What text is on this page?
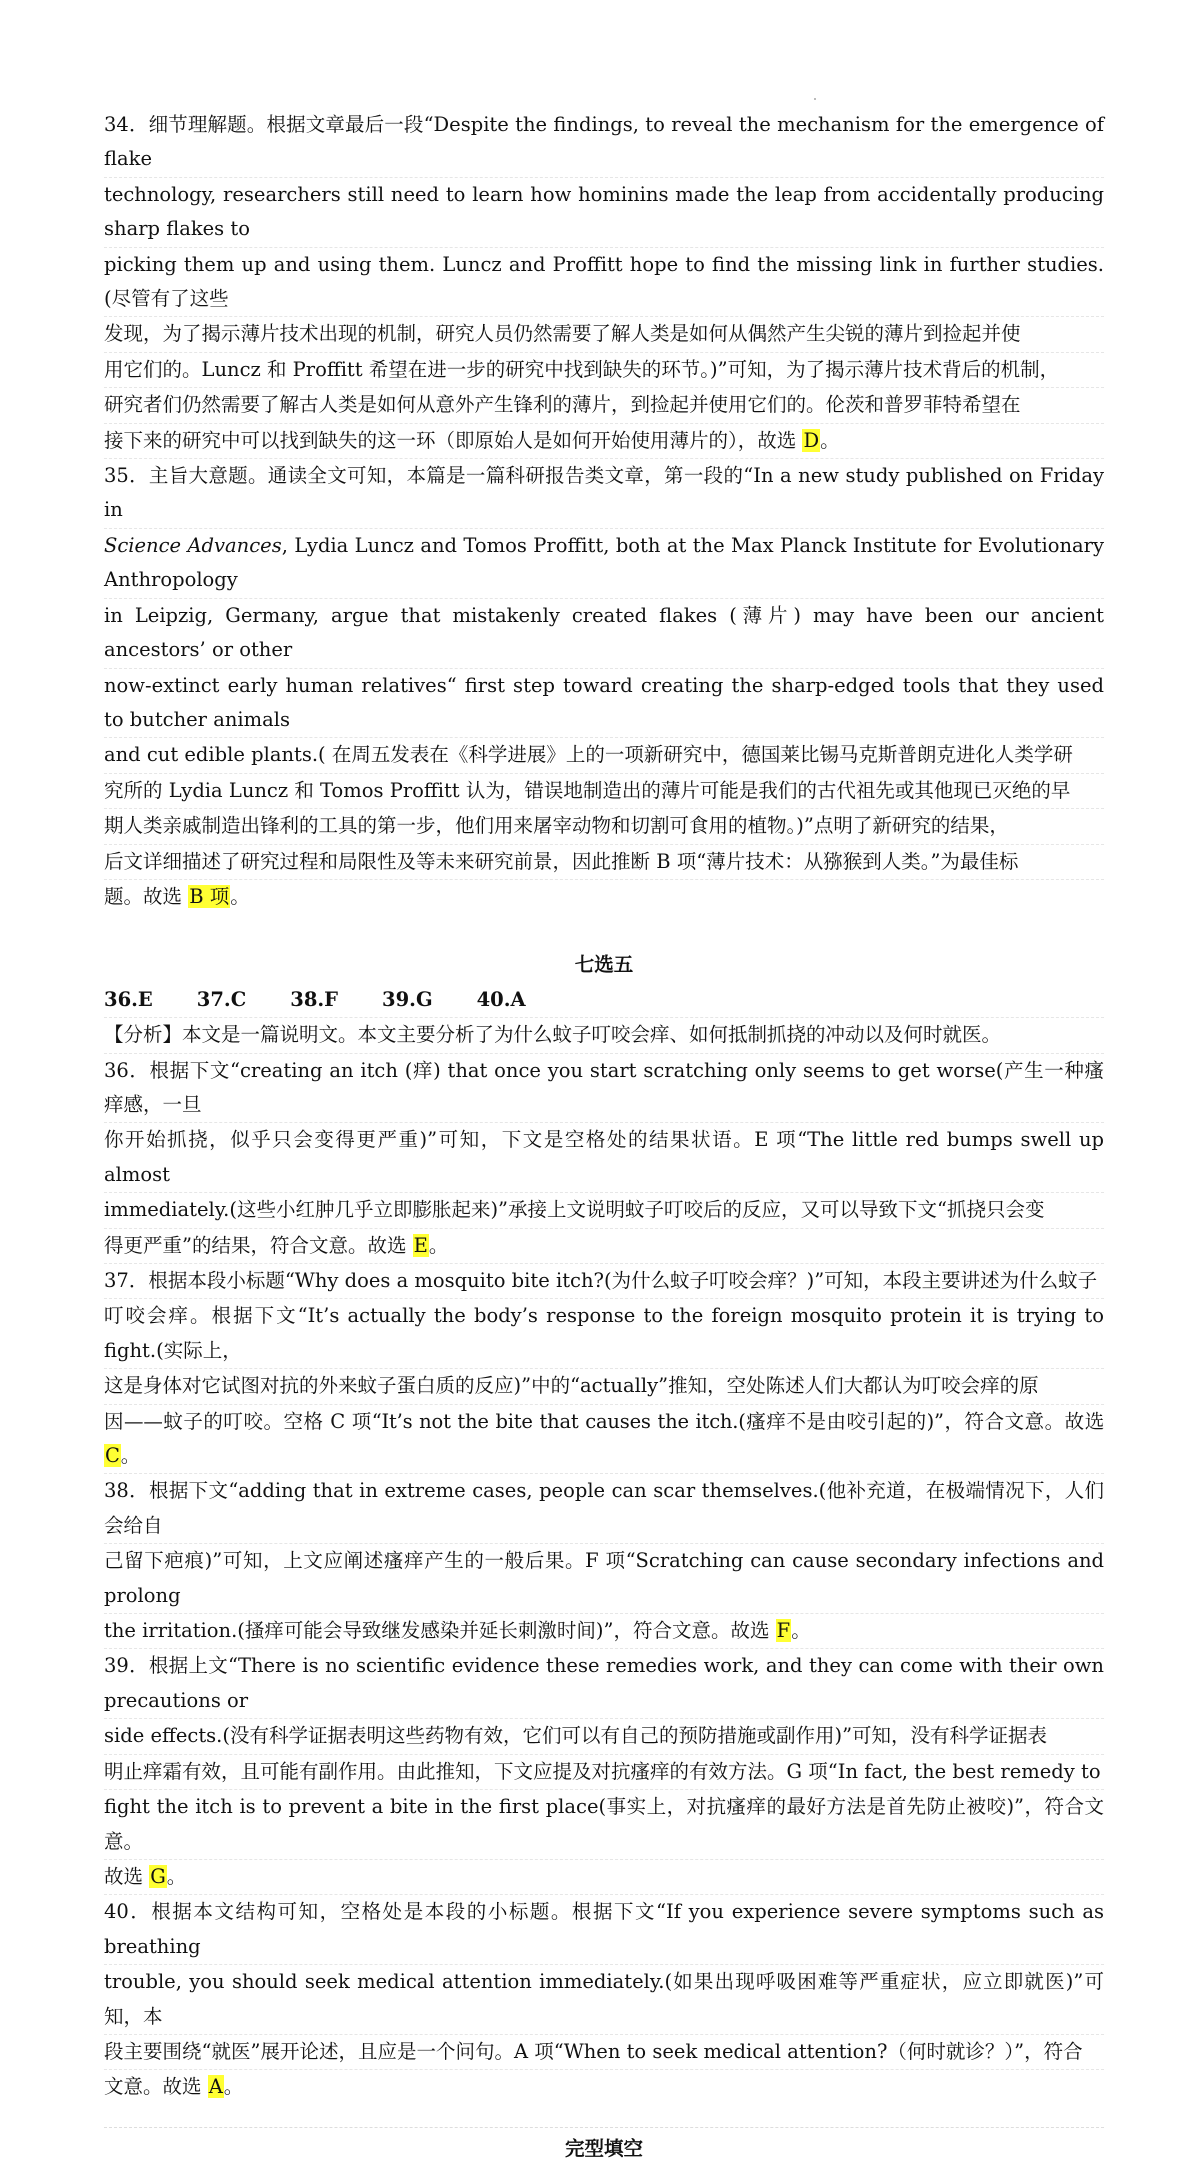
34．细节理解题。根据文章最后一段“Despite the findings, to reveal the mechanism for the emergence of flake
technology, researchers still need to learn how hominins made the leap from accidentally producing sharp flakes to
picking them up and using them. Luncz and Proffitt hope to find the missing link in further studies. (尽管有了这些
发现，为了揭示薄片技术出现的机制，研究人员仍然需要了解人类是如何从偶然产生尖锐的薄片到捡起并使
用它们的。Luncz 和 Proffitt 希望在进一步的研究中找到缺失的环节。)”可知，为了揭示薄片技术背后的机制，
研究者们仍然需要了解古人类是如何从意外产生锋利的薄片，到捡起并使用它们的。伦茨和普罗菲特希望在
接下来的研究中可以找到缺失的这一环（即原始人是如何开始使用薄片的），故选 D。
35．主旨大意题。通读全文可知，本篇是一篇科研报告类文章，第一段的“In a new study published on Friday in
Science Advances, Lydia Luncz and Tomos Proffitt, both at the Max Planck Institute for Evolutionary Anthropology
in Leipzig, Germany, argue that mistakenly created flakes (薄片) may have been our ancient ancestors’ or other
now-extinct early human relatives“ first step toward creating the sharp-edged tools that they used to butcher animals
and cut edible plants.( 在周五发表在《科学进展》上的一项新研究中，德国莱比锡马克斯普朗克进化人类学研
究所的 Lydia Luncz 和 Tomos Proffitt 认为，错误地制造出的薄片可能是我们的古代祖先或其他现已灭绝的早
期人类亲戚制造出锋利的工具的第一步，他们用来屠宰动物和切割可食用的植物。)”点明了新研究的结果，
后文详细描述了研究过程和局限性及等未来研究前景，因此推断 B 项“薄片技术：从猕猴到人类。”为最佳标
题。故选 B 项。
七选五
36.E 37.C 38.F 39.G 40.A
【分析】本文是一篇说明文。本文主要分析了为什么蚊子叮咬会痒、如何抵制抓挠的冲动以及何时就医。
36．根据下文“creating an itch (痒) that once you start scratching only seems to get worse(产生一种瘙痒感，一旦
你开始抓挠，似乎只会变得更严重)”可知，下文是空格处的结果状语。E 项“The little red bumps swell up almost
immediately.(这些小红肿几乎立即膨胀起来)”承接上文说明蚊子叮咬后的反应，又可以导致下文“抓挠只会变
得更严重”的结果，符合文意。故选 E。
37．根据本段小标题“Why does a mosquito bite itch?(为什么蚊子叮咬会痒？)”可知，本段主要讲述为什么蚊子
叮咬会痒。根据下文“It’s actually the body’s response to the foreign mosquito protein it is trying to fight.(实际上，
这是身体对它试图对抗的外来蚊子蛋白质的反应)”中的“actually”推知，空处陈述人们大都认为叮咬会痒的原
因——蚊子的叮咬。空格 C 项“It’s not the bite that causes the itch.(瘙痒不是由咬引起的)”，符合文意。故选 C。
38．根据下文“adding that in extreme cases, people can scar themselves.(他补充道，在极端情况下，人们会给自
己留下疤痕)”可知，上文应阐述瘙痒产生的一般后果。F 项“Scratching can cause secondary infections and prolong
the irritation.(搔痒可能会导致继发感染并延长刺激时间)”，符合文意。故选 F。
39．根据上文“There is no scientific evidence these remedies work, and they can come with their own precautions or
side effects.(没有科学证据表明这些药物有效，它们可以有自己的预防措施或副作用)”可知，没有科学证据表
明止痒霜有效，且可能有副作用。由此推知，下文应提及对抗瘙痒的有效方法。G 项“In fact, the best remedy to
fight the itch is to prevent a bite in the first place(事实上，对抗瘙痒的最好方法是首先防止被咬)”，符合文意。
故选 G。
40．根据本文结构可知，空格处是本段的小标题。根据下文“If you experience severe symptoms such as breathing
trouble, you should seek medical attention immediately.(如果出现呼吸困难等严重症状，应立即就医)”可知，本
段主要围绕“就医”展开论述，且应是一个问句。A 项“When to seek medical attention?（何时就诊？）”，符合
文意。故选 A。
完型填空
